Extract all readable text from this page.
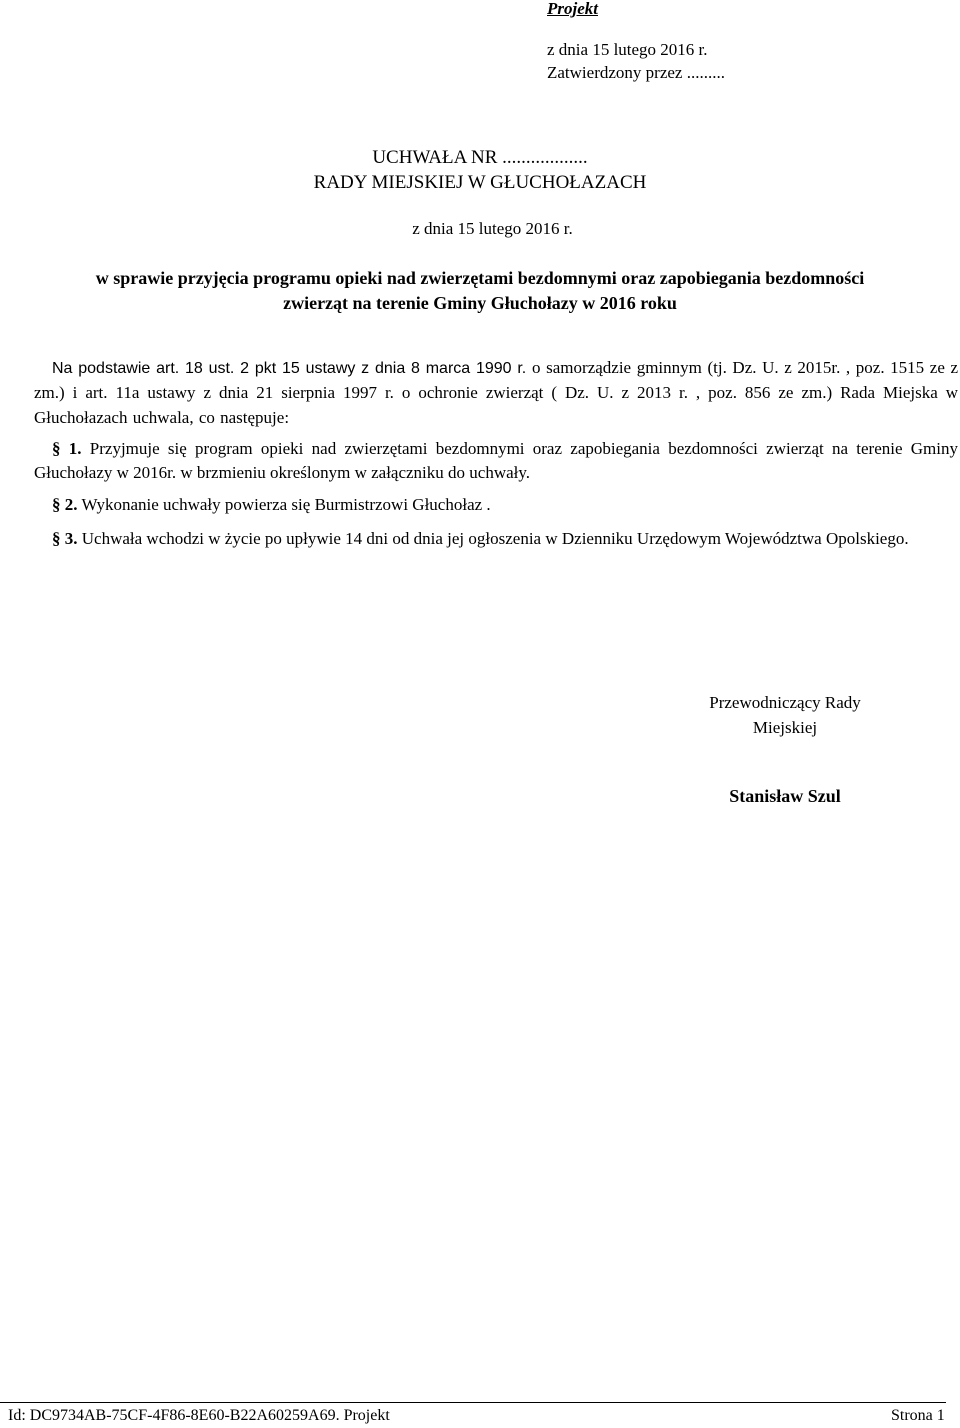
Projekt
z dnia 15 lutego 2016 r.
Zatwierdzony przez .........
UCHWAŁA NR ..................
RADY MIEJSKIEJ W GŁUCHOŁAZACH
z dnia 15 lutego 2016 r.
w sprawie przyjęcia programu opieki nad zwierzętami bezdomnymi oraz zapobiegania bezdomności
zwierząt na terenie Gminy Głuchołazy w 2016 roku
Na podstawie art. 18 ust. 2 pkt 15 ustawy z dnia 8 marca 1990 r. o samorządzie gminnym (tj. Dz. U. z 2015r. , poz. 1515 ze z zm.) i art. 11a ustawy z dnia 21 sierpnia 1997 r. o ochronie zwierząt ( Dz. U. z 2013 r. , poz. 856 ze zm.) Rada Miejska w Głuchołazach uchwala, co następuje:
§ 1. Przyjmuje się program opieki nad zwierzętami bezdomnymi oraz zapobiegania bezdomności zwierząt na terenie Gminy Głuchołazy w 2016r. w brzmieniu określonym w załączniku do uchwały.
§ 2. Wykonanie uchwały powierza się Burmistrzowi Głuchołaz .
§ 3. Uchwała wchodzi w życie po upływie 14 dni od dnia jej ogłoszenia w Dzienniku Urzędowym Województwa Opolskiego.
Przewodniczący Rady
Miejskiej
Stanisław Szul
Id: DC9734AB-75CF-4F86-8E60-B22A60259A69. Projekt	Strona 1
